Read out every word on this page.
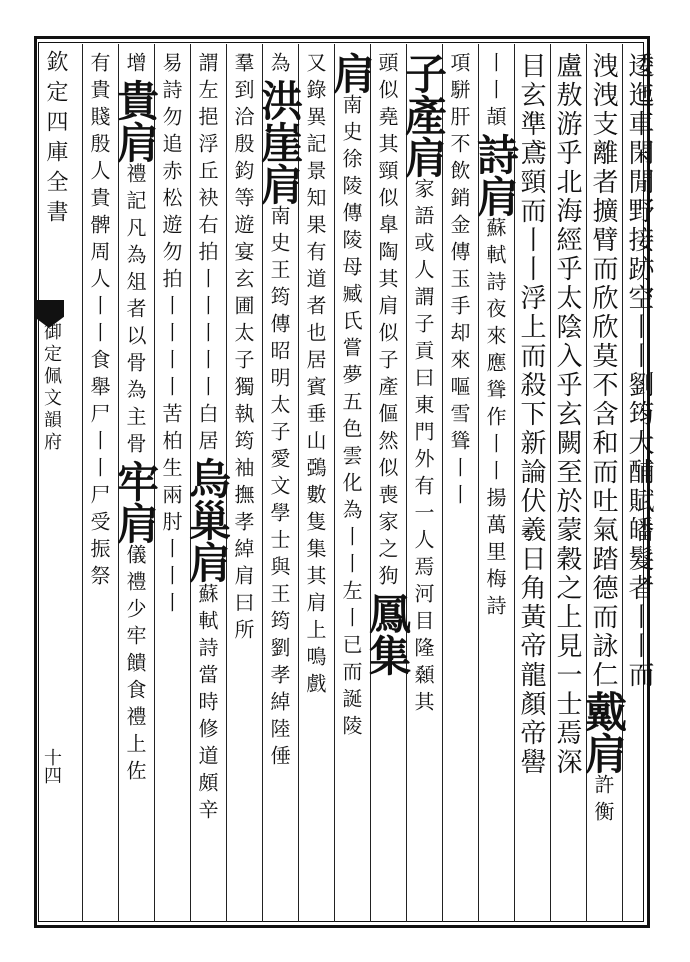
欽定四庫全書
御定佩文韻府
十四
逶迤車閑閒野接跡空丨丨劉筠大酺賦皤髮者丨丨而
洩洩支離者擴臂而欣欣莫不含和而吐氣踏德而詠仁戴肩許衡
盧敖游乎北海經乎太陰入乎玄闕至於蒙穀之上見一士焉深
目玄準鳶頸而丨丨浮上而殺下新論伏羲日角黃帝龍顏帝嚳
丨丨頡詩肩蘇軾詩夜來應聳作丨丨揚萬里梅詩
項駢肝不飲銷金傳玉手却來嘔雪聳丨丨
子產肩家語或人謂子貢曰東門外有一人焉河目隆顙其
頭似堯其頸似臯陶其肩似子產傴然似喪家之狗鳳集
肩南史徐陵傳陵母臧氏嘗夢五色雲化為丨丨左丨已而誕陵
又錄異記景知果有道者也居賓垂山鵶數隻集其肩上鳴戲
為洪崖肩南史王筠傳昭明太子愛文學士與王筠劉孝綽陸倕
羣到洽殷鈞等遊宴玄圃太子獨執筠袖撫孝綽肩曰所
謂左挹浮丘袂右拍丨丨丨丨丨白居烏巢肩蘇軾詩當時修道頗辛
易詩勿追赤松遊勿拍丨丨丨丨苦柏生兩肘丨丨丨
增貴肩禮記凡為俎者以骨為主骨牢肩儀禮少牢饋食禮上佐
有貴賤殷人貴髀周人丨丨食舉尸丨丨尸受振祭
